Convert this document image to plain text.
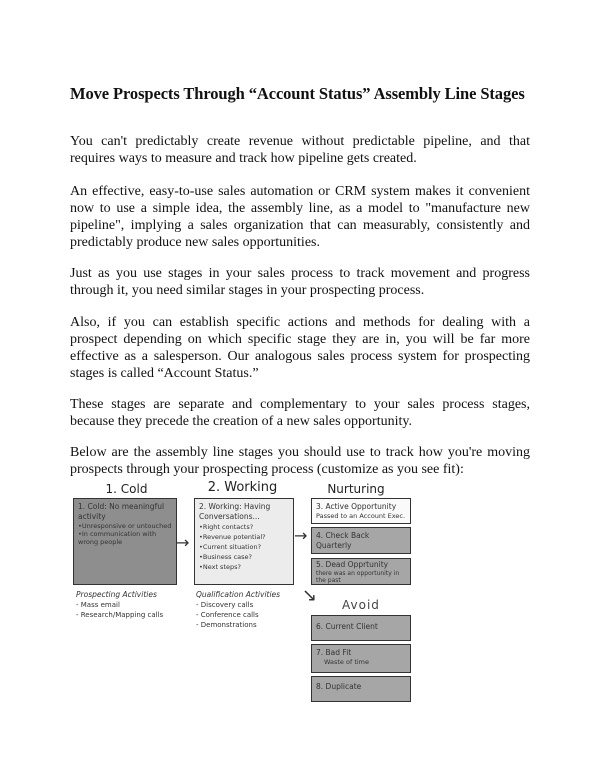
Move Prospects Through “Account Status” Assembly Line Stages

You can't predictably create revenue without predictable pipeline, and that requires ways to measure and track how pipeline gets created.

An effective, easy-to-use sales automation or CRM system makes it convenient now to use a simple idea, the assembly line, as a model to "manufacture new pipeline", implying a sales organization that can measurably, consistently and predictably produce new sales opportunities.

Just as you use stages in your sales process to track movement and progress through it, you need similar stages in your prospecting process.

Also, if you can establish specific actions and methods for dealing with a prospect depending on which specific stage they are in, you will be far more effective as a salesperson. Our analogous sales process system for prospecting stages is called “Account Status.”

These stages are separate and complementary to your sales process stages, because they precede the creation of a new sales opportunity.

Below are the assembly line stages you should use to track how you're moving prospects through your prospecting process (customize as you see fit):

1. Cold	2. Working	Nurturing
1. Cold: No meaningful activity
• Unresponsive or untouched
• In communication with wrong people
Prospecting Activities
- Mass email
- Research/Mapping calls
→
2. Working: Having Conversations...
• Right contacts?
• Revenue potential?
• Current situation?
• Business case?
• Next steps?
Qualification Activities
- Discovery calls
- Conference calls
- Demonstrations
→
3. Active Opportunity
Passed to an Account Exec.
4. Check Back Quarterly
5. Dead Opprtunity
there was an opportunity in the past
↘ Avoid
6. Current Client
7. Bad Fit
Waste of time
8. Duplicate
